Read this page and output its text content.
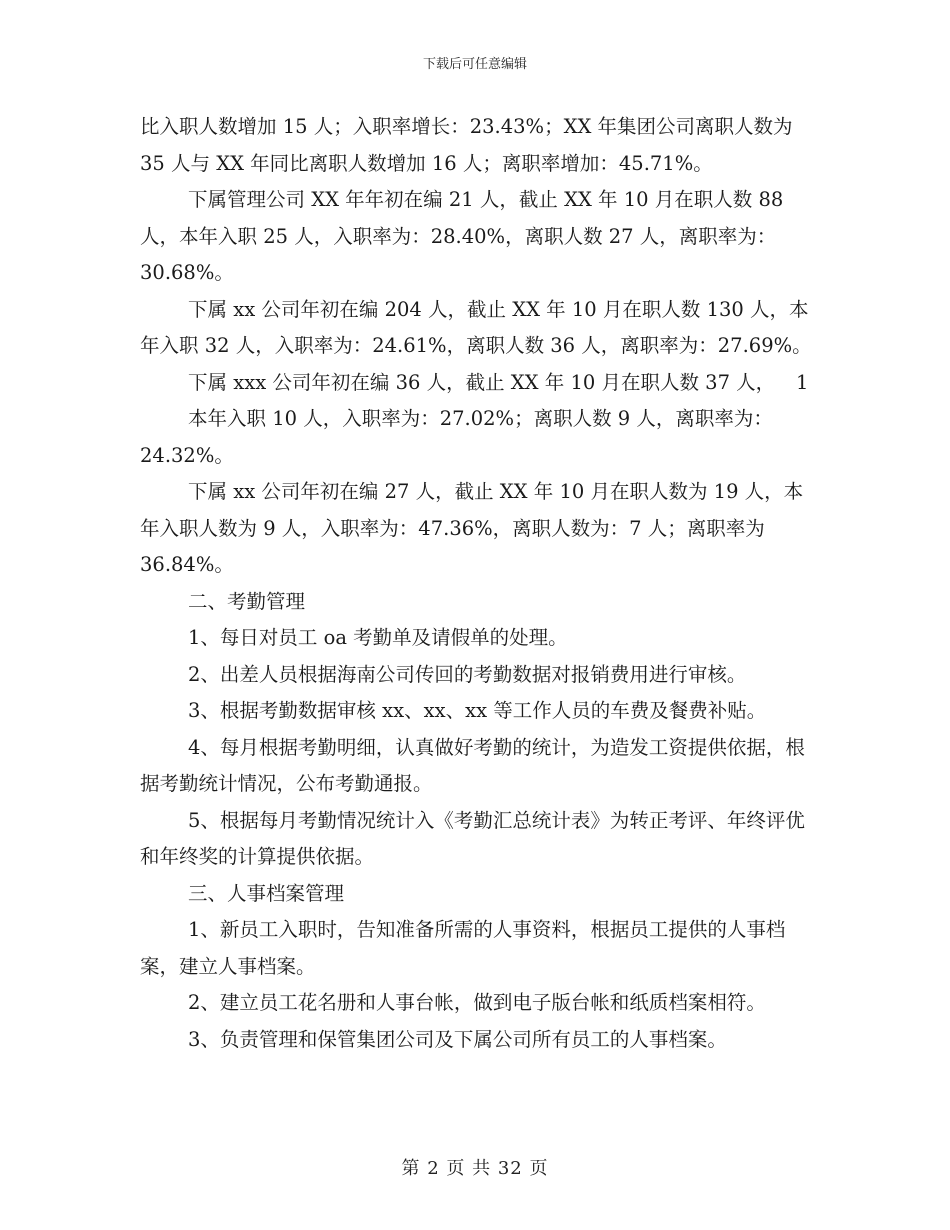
下载后可任意编辑
比入职人数增加 15 人；入职率增长：23.43%；XX 年集团公司离职人数为 35 人与 XX 年同比离职人数增加 16 人；离职率增加：45.71%。
下属管理公司 XX 年年初在编 21 人，截止 XX 年 10 月在职人数 88 人，本年入职 25 人，入职率为：28.40%，离职人数 27 人，离职率为：30.68%。
下属 xx 公司年初在编 204 人，截止 XX 年 10 月在职人数 130 人，本年入职 32 人，入职率为：24.61%，离职人数 36 人，离职率为：27.69%。
下属 xxx 公司年初在编 36 人，截止 XX 年 10 月在职人数 37 人， 1
本年入职 10 人，入职率为：27.02%；离职人数 9 人，离职率为：
24.32%。
下属 xx 公司年初在编 27 人，截止 XX 年 10 月在职人数为 19 人，本年入职人数为 9 人，入职率为：47.36%，离职人数为：7 人；离职率为 36.84%。
二、考勤管理
1、每日对员工 oa 考勤单及请假单的处理。
2、出差人员根据海南公司传回的考勤数据对报销费用进行审核。
3、根据考勤数据审核 xx、xx、xx 等工作人员的车费及餐费补贴。
4、每月根据考勤明细，认真做好考勤的统计，为造发工资提供依据，根据考勤统计情况，公布考勤通报。
5、根据每月考勤情况统计入《考勤汇总统计表》为转正考评、年终评优和年终奖的计算提供依据。
三、人事档案管理
1、新员工入职时，告知准备所需的人事资料，根据员工提供的人事档案，建立人事档案。
2、建立员工花名册和人事台帐，做到电子版台帐和纸质档案相符。
3、负责管理和保管集团公司及下属公司所有员工的人事档案。
第 2 页 共 32 页
